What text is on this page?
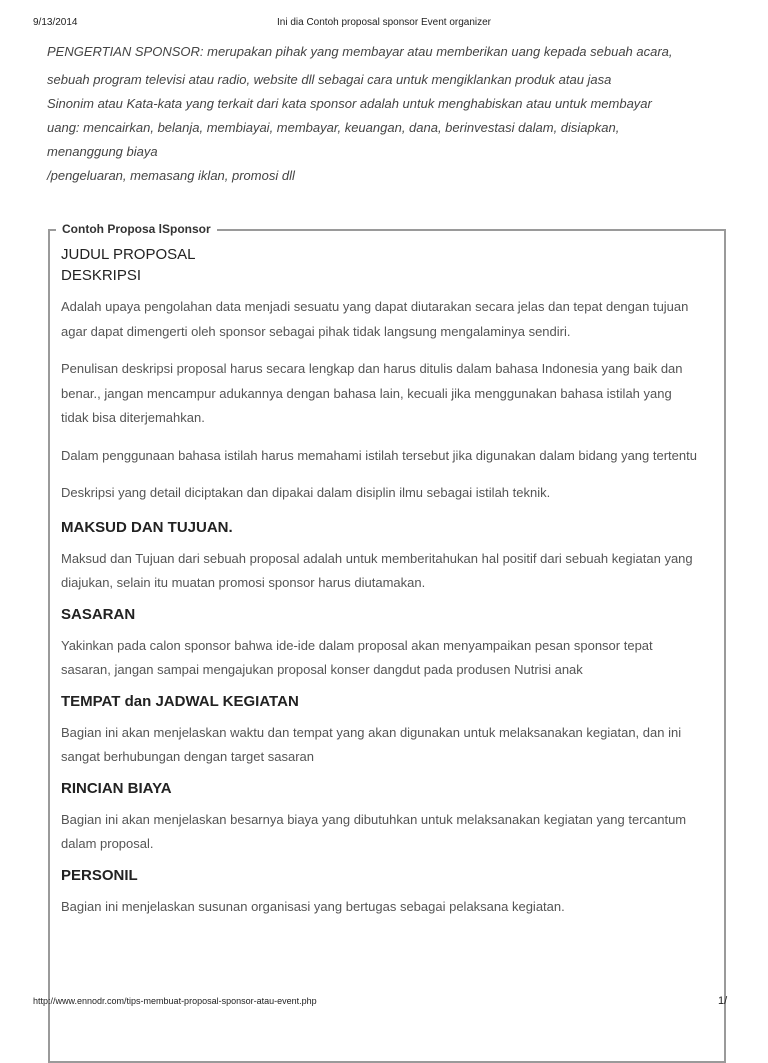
9/13/2014	Ini dia Contoh proposal sponsor Event organizer

PENGERTIAN SPONSOR: merupakan pihak yang membayar atau memberikan uang kepada sebuah acara,

sebuah program televisi atau radio, website dll sebagai cara untuk mengiklankan produk atau jasa

Sinonim atau Kata-kata yang terkait dari kata sponsor adalah untuk menghabiskan atau untuk membayar

uang: mencairkan, belanja, membiayai, membayar, keuangan, dana, berinvestasi dalam, disiapkan,

menanggung biaya

/pengeluaran, memasang iklan, promosi dll

Contoh Proposa lSponsor
JUDUL PROPOSAL
DESKRIPSI

Adalah upaya pengolahan data menjadi sesuatu yang dapat diutarakan secara jelas dan tepat dengan tujuan agar dapat dimengerti oleh sponsor sebagai pihak tidak langsung mengalaminya sendiri.

Penulisan deskripsi proposal harus secara lengkap dan harus ditulis dalam bahasa Indonesia yang baik dan benar., jangan mencampur adukannya dengan bahasa lain, kecuali jika menggunakan bahasa istilah yang tidak bisa diterjemahkan.

Dalam penggunaan bahasa istilah harus memahami istilah tersebut jika digunakan dalam bidang yang tertentu

Deskripsi yang detail diciptakan dan dipakai dalam disiplin ilmu sebagai istilah teknik.

MAKSUD DAN TUJUAN.

Maksud dan Tujuan dari sebuah proposal adalah untuk memberitahukan hal positif dari sebuah kegiatan yang diajukan, selain itu muatan promosi sponsor harus diutamakan.

SASARAN

Yakinkan pada calon sponsor bahwa ide-ide dalam proposal akan menyampaikan pesan sponsor tepat sasaran, jangan sampai mengajukan proposal konser dangdut pada produsen Nutrisi anak

TEMPAT dan JADWAL KEGIATAN

Bagian ini akan menjelaskan waktu dan tempat yang akan digunakan untuk melaksanakan kegiatan, dan ini sangat berhubungan dengan target sasaran

RINCIAN BIAYA

Bagian ini akan menjelaskan besarnya biaya yang dibutuhkan untuk melaksanakan kegiatan yang tercantum dalam proposal.

PERSONIL

Bagian ini menjelaskan susunan organisasi yang bertugas sebagai pelaksana kegiatan.

http://www.ennodr.com/tips-membuat-proposal-sponsor-atau-event.php	1/
